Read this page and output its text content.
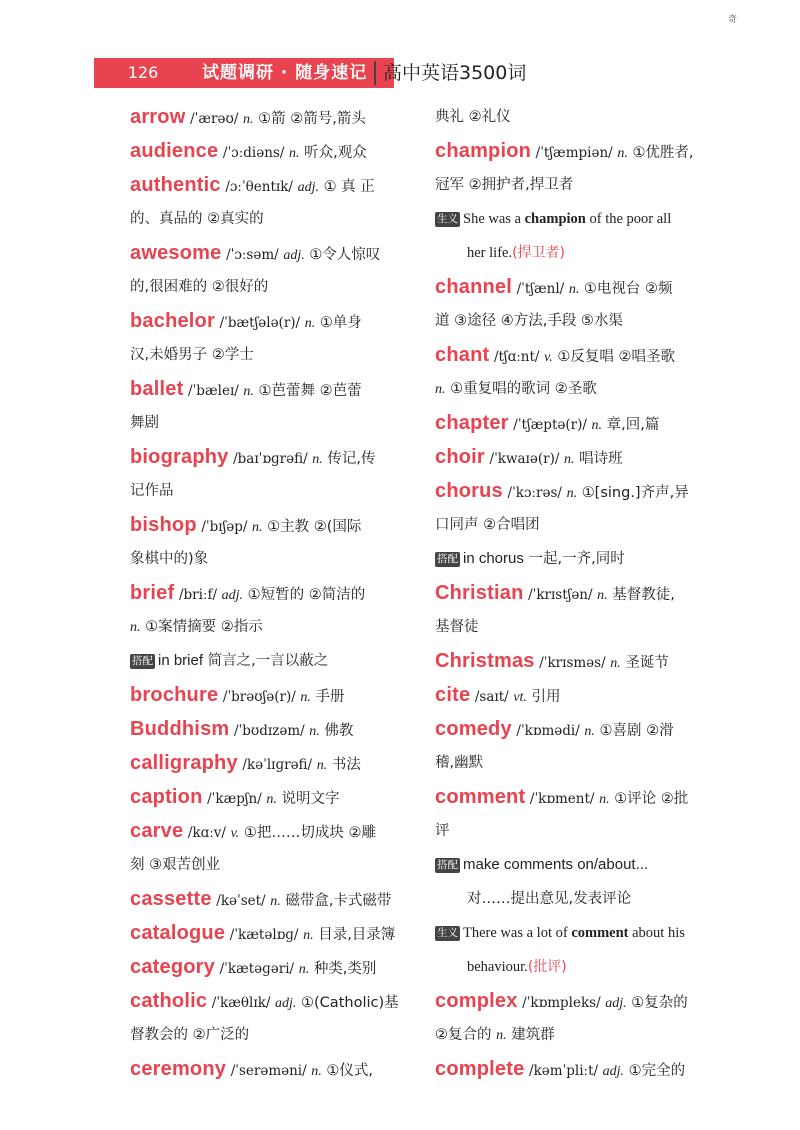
126	试题调研 · 随身速记 高中英语3500词
奇
arrow /ˈærəʊ/ n. ①箭 ②箭号,箭头
audience /ˈɔːdiəns/ n. 听众,观众
authentic /ɔːˈθentɪk/ adj. ① 真 正
的、真品的 ②真实的
awesome /ˈɔːsəm/ adj. ①令人惊叹
的,很困难的 ②很好的
bachelor /ˈbætʃələ(r)/ n. ①单身
汉,未婚男子 ②学士
ballet /ˈbæleɪ/ n. ①芭蕾舞 ②芭蕾
舞剧
biography /baɪˈɒɡrəfi/ n. 传记,传
记作品
bishop /ˈbɪʃəp/ n. ①主教 ②(国际
象棋中的)象
brief /briːf/ adj. ①短暂的 ②简洁的
n. ①案情摘要 ②指示
搭配 in brief 简言之,一言以蔽之
brochure /ˈbrəʊʃə(r)/ n. 手册
Buddhism /ˈbʊdɪzəm/ n. 佛教
calligraphy /kəˈlɪɡrəfi/ n. 书法
caption /ˈkæpʃn/ n. 说明文字
carve /kɑːv/ v. ①把……切成块 ②雕
刻 ③艰苦创业
cassette /kəˈset/ n. 磁带盒,卡式磁带
catalogue /ˈkætəlɒɡ/ n. 目录,目录簿
category /ˈkætəɡəri/ n. 种类,类别
catholic /ˈkæθlɪk/ adj. ①(Catholic)基
督教会的 ②广泛的
ceremony /ˈserəməni/ n. ①仪式,
典礼 ②礼仪
champion /ˈtʃæmpiən/ n. ①优胜者,
冠军 ②拥护者,捍卫者
生义 She was a champion of the poor all
her life.(捍卫者)
channel /ˈtʃænl/ n. ①电视台 ②频
道 ③途径 ④方法,手段 ⑤水渠
chant /tʃɑːnt/ v. ①反复唱 ②唱圣歌
n. ①重复唱的歌词 ②圣歌
chapter /ˈtʃæptə(r)/ n. 章,回,篇
choir /ˈkwaɪə(r)/ n. 唱诗班
chorus /ˈkɔːrəs/ n. ①[sing.]齐声,异
口同声 ②合唱团
搭配 in chorus 一起,一齐,同时
Christian /ˈkrɪstʃən/ n. 基督教徒,
基督徒
Christmas /ˈkrɪsməs/ n. 圣诞节
cite /saɪt/ vt. 引用
comedy /ˈkɒmədi/ n. ①喜剧 ②滑
稽,幽默
comment /ˈkɒment/ n. ①评论 ②批
评
搭配 make comments on/about...
对……提出意见,发表评论
生义 There was a lot of comment about his
behaviour.(批评)
complex /ˈkɒmpleks/ adj. ①复杂的
②复合的 n. 建筑群
complete /kəmˈpliːt/ adj. ①完全的
